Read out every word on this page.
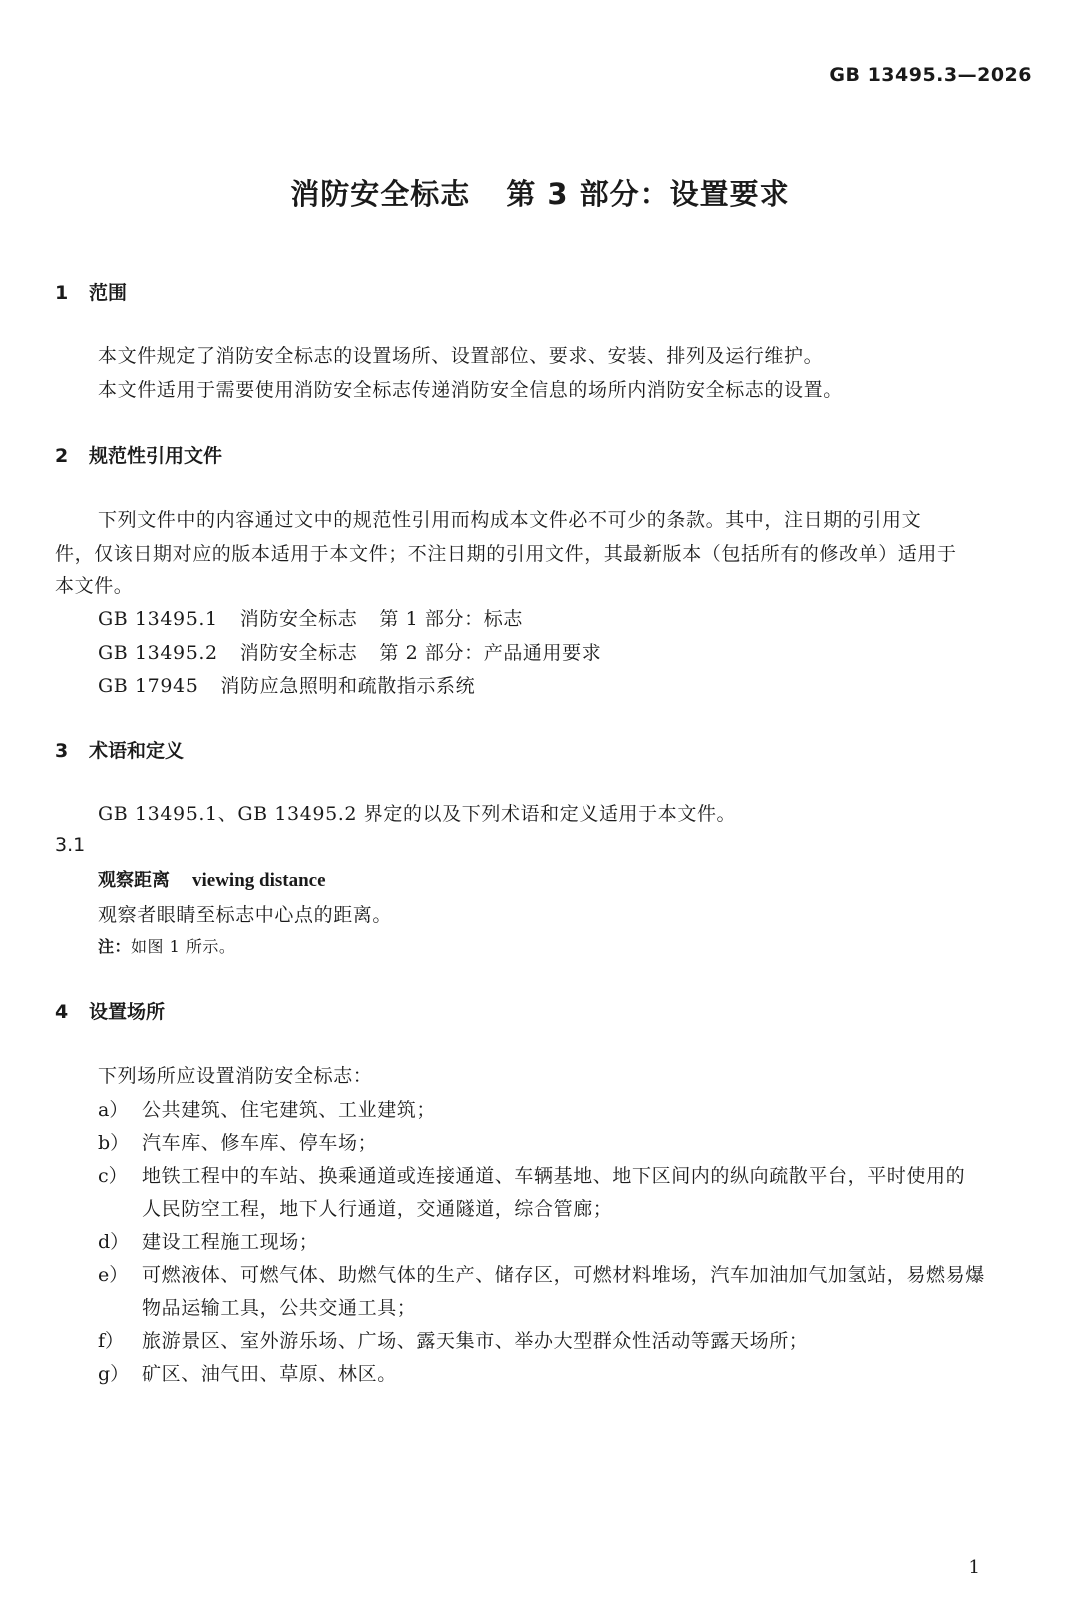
GB 13495.3—2026
消防安全标志 第 3 部分：设置要求
1 范围
本文件规定了消防安全标志的设置场所、设置部位、要求、安装、排列及运行维护。
本文件适用于需要使用消防安全标志传递消防安全信息的场所内消防安全标志的设置。
2 规范性引用文件
下列文件中的内容通过文中的规范性引用而构成本文件必不可少的条款。其中，注日期的引用文
件，仅该日期对应的版本适用于本文件；不注日期的引用文件，其最新版本（包括所有的修改单）适用于
本文件。
GB 13495.1 消防安全标志 第 1 部分：标志
GB 13495.2 消防安全标志 第 2 部分：产品通用要求
GB 17945 消防应急照明和疏散指示系统
3 术语和定义
GB 13495.1、GB 13495.2 界定的以及下列术语和定义适用于本文件。
3.1
观察距离 viewing distance
观察者眼睛至标志中心点的距离。
注：如图 1 所示。
4 设置场所
下列场所应设置消防安全标志：
a） 公共建筑、住宅建筑、工业建筑；
b） 汽车库、修车库、停车场；
c） 地铁工程中的车站、换乘通道或连接通道、车辆基地、地下区间内的纵向疏散平台，平时使用的
人民防空工程，地下人行通道，交通隧道，综合管廊；
d） 建设工程施工现场；
e） 可燃液体、可燃气体、助燃气体的生产、储存区，可燃材料堆场，汽车加油加气加氢站，易燃易爆
物品运输工具，公共交通工具；
f） 旅游景区、室外游乐场、广场、露天集市、举办大型群众性活动等露天场所；
g） 矿区、油气田、草原、林区。
1
